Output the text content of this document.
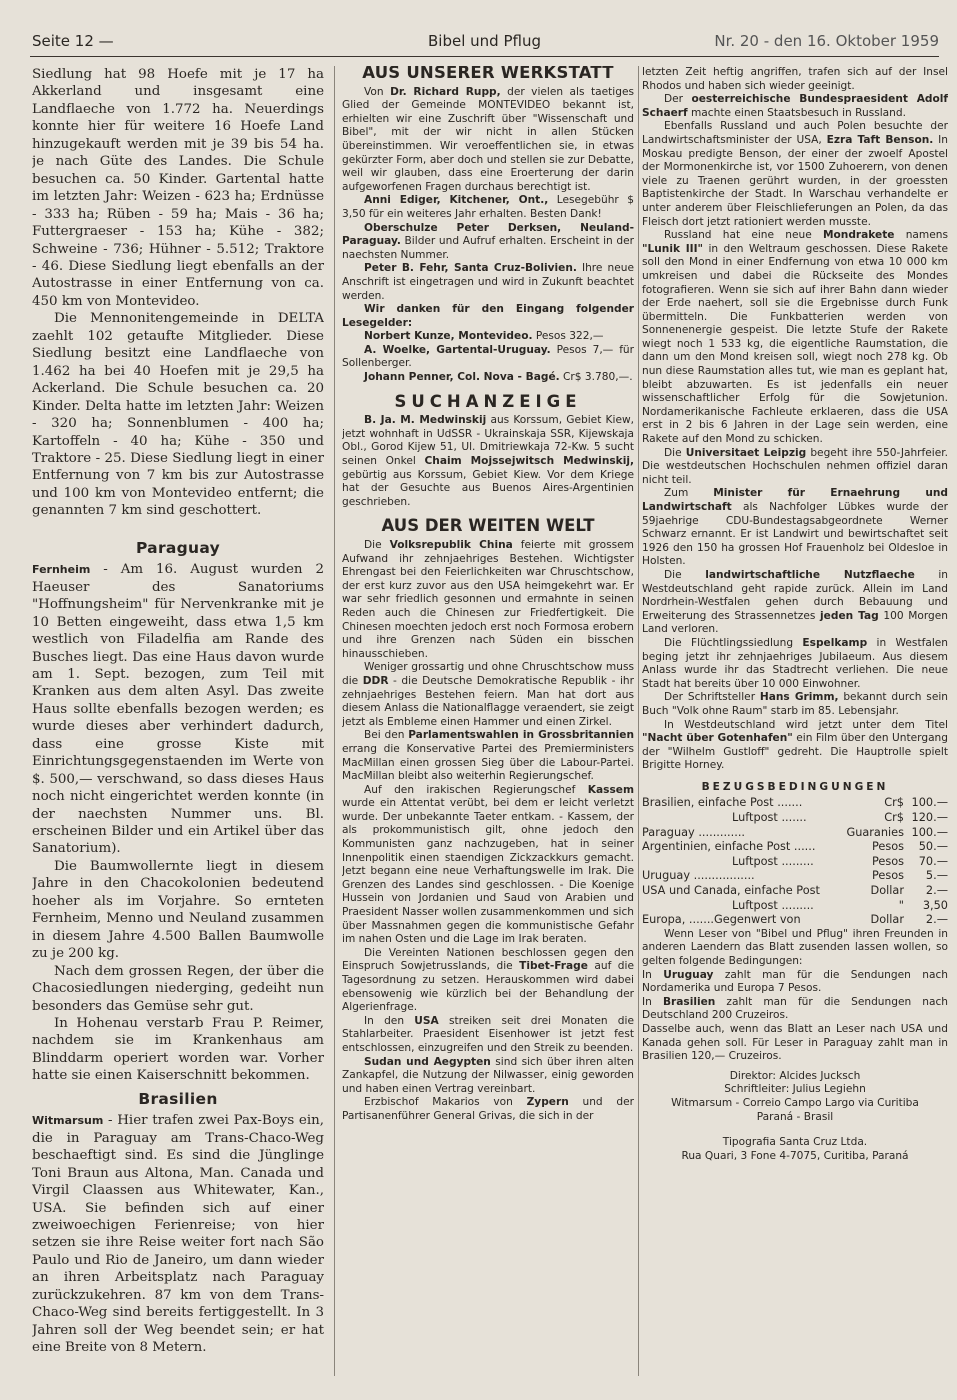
Seite 12 —	Bibel und Pflug	Nr. 20 - den 16. Oktober 1959

Siedlung hat 98 Hoefe mit je 17 ha Akkerland und insgesamt eine Landflaeche von 1.772 ha. Neuerdings konnte hier für weitere 16 Hoefe Land hinzugekauft werden mit je 39 bis 54 ha. je nach Güte des Landes. Die Schule besuchen ca. 50 Kinder. Gartental hatte im letzten Jahr: Weizen - 623 ha; Erdnüsse - 333 ha; Rüben - 59 ha; Mais - 36 ha; Futtergraeser - 153 ha; Kühe - 382; Schweine - 736; Hühner - 5.512; Traktore - 46. Diese Siedlung liegt ebenfalls an der Autostrasse in einer Entfernung von ca. 450 km von Montevideo.

Die Mennonitengemeinde in DELTA zaehlt 102 getaufte Mitglieder. Diese Siedlung besitzt eine Landflaeche von 1.462 ha bei 40 Hoefen mit je 29,5 ha Ackerland. Die Schule besuchen ca. 20 Kinder. Delta hatte im letzten Jahr: Weizen - 320 ha; Sonnenblumen - 400 ha; Kartoffeln - 40 ha; Kühe - 350 und Traktore - 25. Diese Siedlung liegt in einer Entfernung von 7 km bis zur Autostrasse und 100 km von Montevideo entfernt; die genannten 7 km sind geschottert.

Paraguay

Fernheim - Am 16. August wurden 2 Haeuser des Sanatoriums "Hoffnungsheim" für Nervenkranke mit je 10 Betten eingeweiht, dass etwa 1,5 km westlich von Filadelfia am Rande des Busches liegt. Das eine Haus davon wurde am 1. Sept. bezogen, zum Teil mit Kranken aus dem alten Asyl. Das zweite Haus sollte ebenfalls bezogen werden; es wurde dieses aber verhindert dadurch, dass eine grosse Kiste mit Einrichtungsgegenstaenden im Werte von $. 500,— verschwand, so dass dieses Haus noch nicht eingerichtet werden konnte (in der naechsten Nummer uns. Bl. erscheinen Bilder und ein Artikel über das Sanatorium).

Die Baumwollernte liegt in diesem Jahre in den Chacokolonien bedeutend hoeher als im Vorjahre. So ernteten Fernheim, Menno und Neuland zusammen in diesem Jahre 4.500 Ballen Baumwolle zu je 200 kg.

Nach dem grossen Regen, der über die Chacosiedlungen niederging, gedeiht nun besonders das Gemüse sehr gut.

In Hohenau verstarb Frau P. Reimer, nachdem sie im Krankenhaus am Blinddarm operiert worden war. Vorher hatte sie einen Kaiserschnitt bekommen.

Brasilien

Witmarsum - Hier trafen zwei Pax-Boys ein, die in Paraguay am Trans-Chaco-Weg beschaeftigt sind. Es sind die Jünglinge Toni Braun aus Altona, Man. Canada und Virgil Claassen aus Whitewater, Kan., USA. Sie befinden sich auf einer zweiwoechigen Ferienreise; von hier setzen sie ihre Reise weiter fort nach São Paulo und Rio de Janeiro, um dann wieder an ihren Arbeitsplatz nach Paraguay zurückzukehren. 87 km von dem Trans-Chaco-Weg sind bereits fertiggestellt. In 3 Jahren soll der Weg beendet sein; er hat eine Breite von 8 Metern.

AUS UNSERER WERKSTATT

Von Dr. Richard Rupp, der vielen als taetiges Glied der Gemeinde MONTEVIDEO bekannt ist, erhielten wir eine Zuschrift über "Wissenschaft und Bibel", mit der wir nicht in allen Stücken übereinstimmen. Wir veroeffentlichen sie, in etwas gekürzter Form, aber doch und stellen sie zur Debatte, weil wir glauben, dass eine Eroerterung der darin aufgeworfenen Fragen durchaus berechtigt ist.

Anni Ediger, Kitchener, Ont., Lesegebühr $ 3,50 für ein weiteres Jahr erhalten. Besten Dank!

Oberschulze Peter Derksen, Neuland-Paraguay. Bilder und Aufruf erhalten. Erscheint in der naechsten Nummer.

Peter B. Fehr, Santa Cruz-Bolivien. Ihre neue Anschrift ist eingetragen und wird in Zukunft beachtet werden.

Wir danken für den Eingang folgender Lesegelder:

Norbert Kunze, Montevideo. Pesos 322,—

A. Woelke, Gartental-Uruguay. Pesos 7,— für Sollenberger.

Johann Penner, Col. Nova - Bagé. Cr$ 3.780,—.

SUCHANZEIGE

B. Ja. M. Medwinskij aus Korssum, Gebiet Kiew, jetzt wohnhaft in UdSSR - Ukrainskaja SSR, Kijewskaja Obl., Gorod Kijew 51, Ul. Dmitriewkaja 72-Kw. 5 sucht seinen Onkel Chaim Mojssejwitsch Medwinskij, gebürtig aus Korssum, Gebiet Kiew. Vor dem Kriege hat der Gesuchte aus Buenos Aires-Argentinien geschrieben.

AUS DER WEITEN WELT

Die Volksrepublik China feierte mit grossem Aufwand ihr zehnjaehriges Bestehen. Wichtigster Ehrengast bei den Feierlichkeiten war Chruschtschow, der erst kurz zuvor aus den USA heimgekehrt war. Er war sehr friedlich gesonnen und ermahnte in seinen Reden auch die Chinesen zur Friedfertigkeit. Die Chinesen moechten jedoch erst noch Formosa erobern und ihre Grenzen nach Süden ein bisschen hinausschieben.

Weniger grossartig und ohne Chruschtschow muss die DDR - die Deutsche Demokratische Republik - ihr zehnjaehriges Bestehen feiern. Man hat dort aus diesem Anlass die Nationalflagge veraendert, sie zeigt jetzt als Embleme einen Hammer und einen Zirkel.

Bei den Parlamentswahlen in Grossbritannien errang die Konservative Partei des Premierministers MacMillan einen grossen Sieg über die Labour-Partei. MacMillan bleibt also weiterhin Regierungschef.

Auf den irakischen Regierungschef Kassem wurde ein Attentat verübt, bei dem er leicht verletzt wurde. Der unbekannte Taeter entkam. - Kassem, der als prokommunistisch gilt, ohne jedoch den Kommunisten ganz nachzugeben, hat in seiner Innenpolitik einen staendigen Zickzackkurs gemacht. Jetzt begann eine neue Verhaftungswelle im Irak. Die Grenzen des Landes sind geschlossen. - Die Koenige Hussein von Jordanien und Saud von Arabien und Praesident Nasser wollen zusammenkommen und sich über Massnahmen gegen die kommunistische Gefahr im nahen Osten und die Lage im Irak beraten.

Die Vereinten Nationen beschlossen gegen den Einspruch Sowjetrusslands, die Tibet-Frage auf die Tagesordnung zu setzen. Herauskommen wird dabei ebensowenig wie kürzlich bei der Behandlung der Algerienfrage.

In den USA streiken seit drei Monaten die Stahlarbeiter. Praesident Eisenhower ist jetzt fest entschlossen, einzugreifen und den Streik zu beenden.

Sudan und Aegypten sind sich über ihren alten Zankapfel, die Nutzung der Nilwasser, einig geworden und haben einen Vertrag vereinbart.

Erzbischof Makarios von Zypern und der Partisanenführer General Grivas, die sich in der

letzten Zeit heftig angriffen, trafen sich auf der Insel Rhodos und haben sich wieder geeinigt.

Der oesterreichische Bundespraesident Adolf Schaerf machte einen Staatsbesuch in Russland.

Ebenfalls Russland und auch Polen besuchte der Landwirtschaftsminister der USA, Ezra Taft Benson. In Moskau predigte Benson, der einer der zwoelf Apostel der Mormonenkirche ist, vor 1500 Zuhoerern, von denen viele zu Traenen gerührt wurden, in der groessten Baptistenkirche der Stadt. In Warschau verhandelte er unter anderem über Fleischlieferungen an Polen, da das Fleisch dort jetzt rationiert werden musste.

Russland hat eine neue Mondrakete namens "Lunik III" in den Weltraum geschossen. Diese Rakete soll den Mond in einer Endfernung von etwa 10 000 km umkreisen und dabei die Rückseite des Mondes fotografieren. Wenn sie sich auf ihrer Bahn dann wieder der Erde naehert, soll sie die Ergebnisse durch Funk übermitteln. Die Funkbatterien werden von Sonnenenergie gespeist. Die letzte Stufe der Rakete wiegt noch 1 533 kg, die eigentliche Raumstation, die dann um den Mond kreisen soll, wiegt noch 278 kg. Ob nun diese Raumstation alles tut, wie man es geplant hat, bleibt abzuwarten. Es ist jedenfalls ein neuer wissenschaftlicher Erfolg für die Sowjetunion. Nordamerikanische Fachleute erklaeren, dass die USA erst in 2 bis 6 Jahren in der Lage sein werden, eine Rakete auf den Mond zu schicken.

Die Universitaet Leipzig begeht ihre 550-Jahrfeier. Die westdeutschen Hochschulen nehmen offiziel daran nicht teil.

Zum Minister für Ernaehrung und Landwirtschaft als Nachfolger Lübkes wurde der 59jaehrige CDU-Bundestagsabgeordnete Werner Schwarz ernannt. Er ist Landwirt und bewirtschaftet seit 1926 den 150 ha grossen Hof Frauenholz bei Oldesloe in Holsten.

Die landwirtschaftliche Nutzflaeche in Westdeutschland geht rapide zurück. Allein im Land Nordrhein-Westfalen gehen durch Bebauung und Erweiterung des Strassennetzes jeden Tag 100 Morgen Land verloren.

Die Flüchtlingssiedlung Espelkamp in Westfalen beging jetzt ihr zehnjaehriges Jubilaeum. Aus diesem Anlass wurde ihr das Stadtrecht verliehen. Die neue Stadt hat bereits über 10 000 Einwohner.

Der Schriftsteller Hans Grimm, bekannt durch sein Buch "Volk ohne Raum" starb im 85. Lebensjahr.

In Westdeutschland wird jetzt unter dem Titel "Nacht über Gotenhafen" ein Film über den Untergang der "Wilhelm Gustloff" gedreht. Die Hauptrolle spielt Brigitte Horney.

BEZUGSBEDINGUNGEN
Brasilien, einfache Post .......	Cr$ 100.—
Luftpost .......	Cr$ 120.—
Paraguay .............	Guaranies 100.—
Argentinien, einfache Post ......	Pesos 50.—
Luftpost .........	Pesos 70.—
Uruguay .................	Pesos 5.—
USA und Canada, einfache Post	Dollar 2.—
Luftpost .........	" 3,50
Europa, .......Gegenwert von	Dollar 2.—

Wenn Leser von "Bibel und Pflug" ihren Freunden in anderen Laendern das Blatt zusenden lassen wollen, so gelten folgende Bedingungen:

In Uruguay zahlt man für die Sendungen nach Nordamerika und Europa 7 Pesos.

In Brasilien zahlt man für die Sendungen nach Deutschland 200 Cruzeiros.

Dasselbe auch, wenn das Blatt an Leser nach USA und Kanada gehen soll. Für Leser in Paraguay zahlt man in Brasilien 120,— Cruzeiros.

Direktor: Alcides Jucksch
Schriftleiter: Julius Legiehn
Witmarsum - Correio Campo Largo via Curitiba
Paraná - Brasil
Tipografia Santa Cruz Ltda.
Rua Quari, 3 Fone 4-7075, Curitiba, Paraná
